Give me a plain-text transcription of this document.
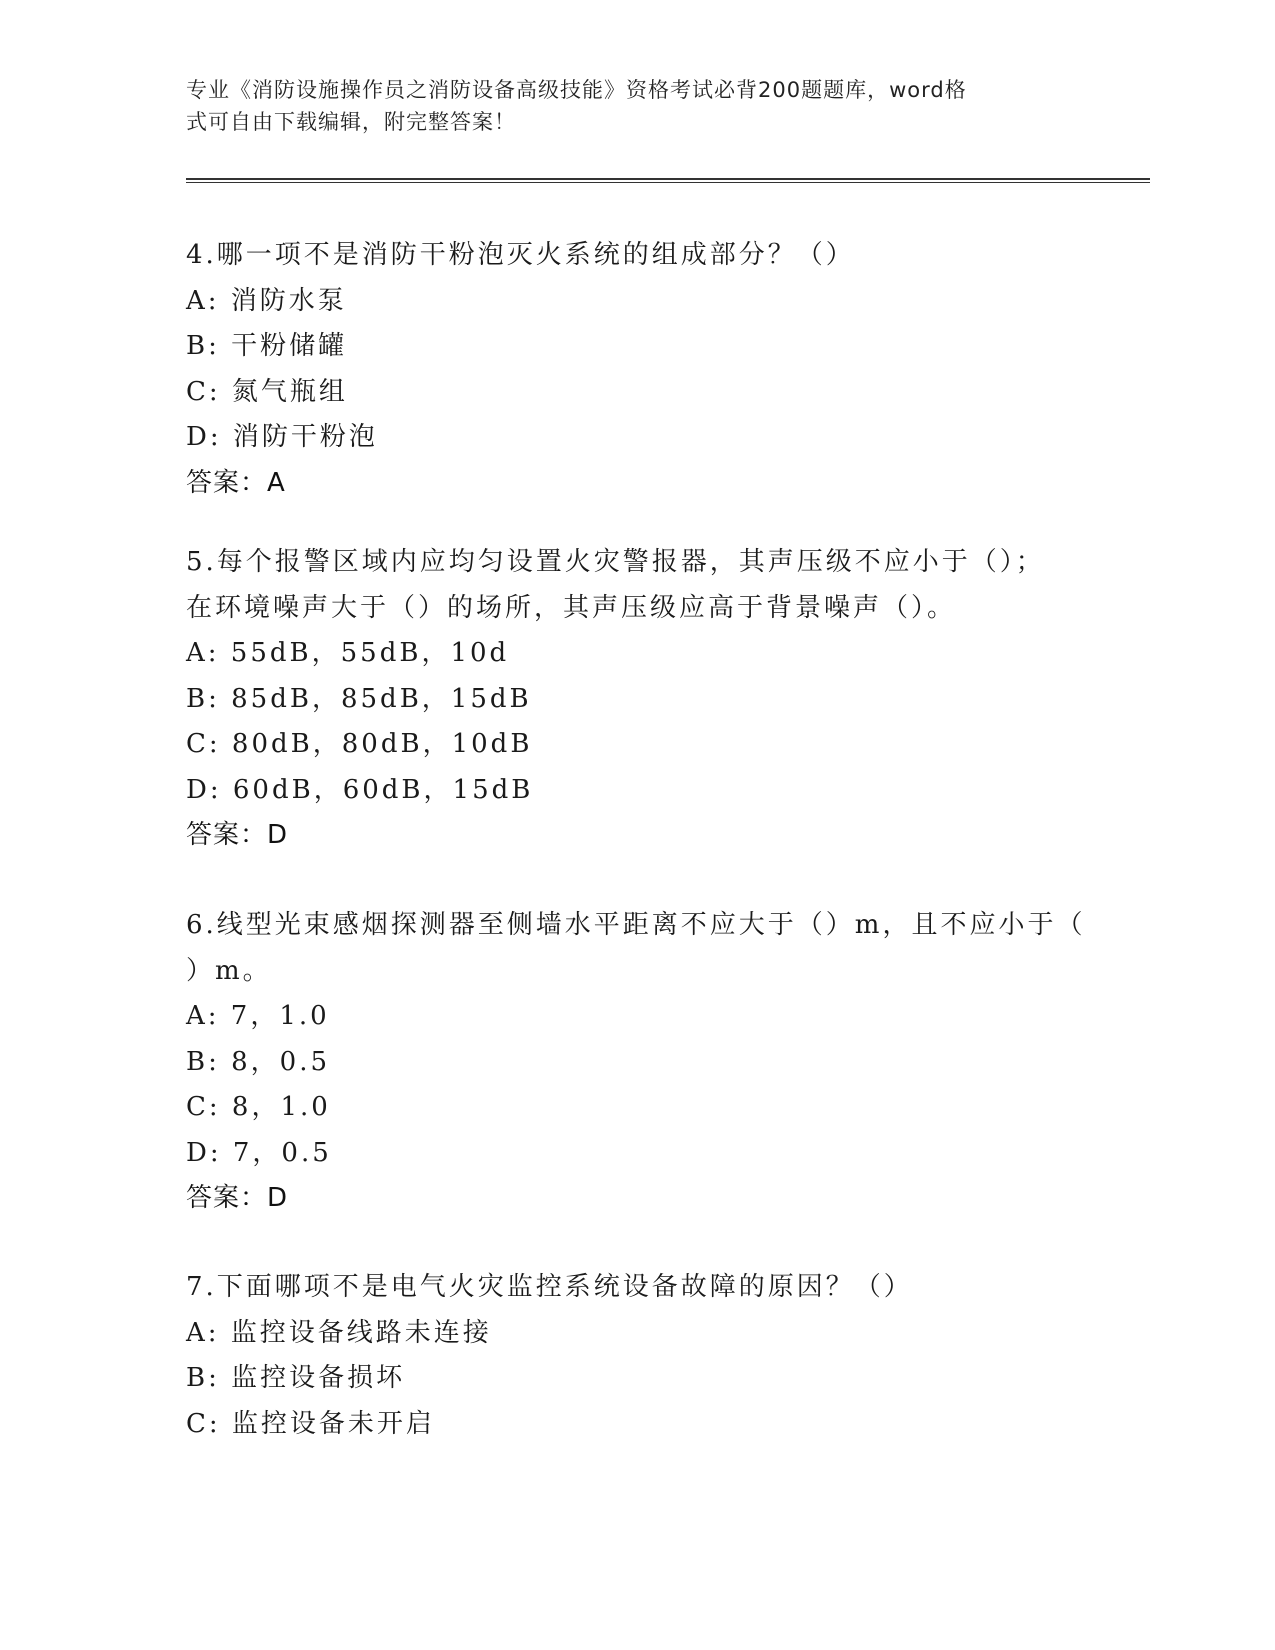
专业《消防设施操作员之消防设备高级技能》资格考试必背200题题库，word格
式可自由下载编辑，附完整答案！
4.哪一项不是消防干粉泡灭火系统的组成部分？（）
A: 消防水泵
B: 干粉储罐
C: 氮气瓶组
D: 消防干粉泡
答案：A
5.每个报警区域内应均匀设置火灾警报器，其声压级不应小于（）；
在环境噪声大于（）的场所，其声压级应高于背景噪声（）。
A: 55dB，55dB，10d
B: 85dB，85dB，15dB
C: 80dB，80dB，10dB
D: 60dB，60dB，15dB
答案：D
6.线型光束感烟探测器至侧墙水平距离不应大于（）m，且不应小于（
）m。
A: 7，1.0
B: 8，0.5
C: 8，1.0
D: 7，0.5
答案：D
7.下面哪项不是电气火灾监控系统设备故障的原因？（）
A: 监控设备线路未连接
B: 监控设备损坏
C: 监控设备未开启
